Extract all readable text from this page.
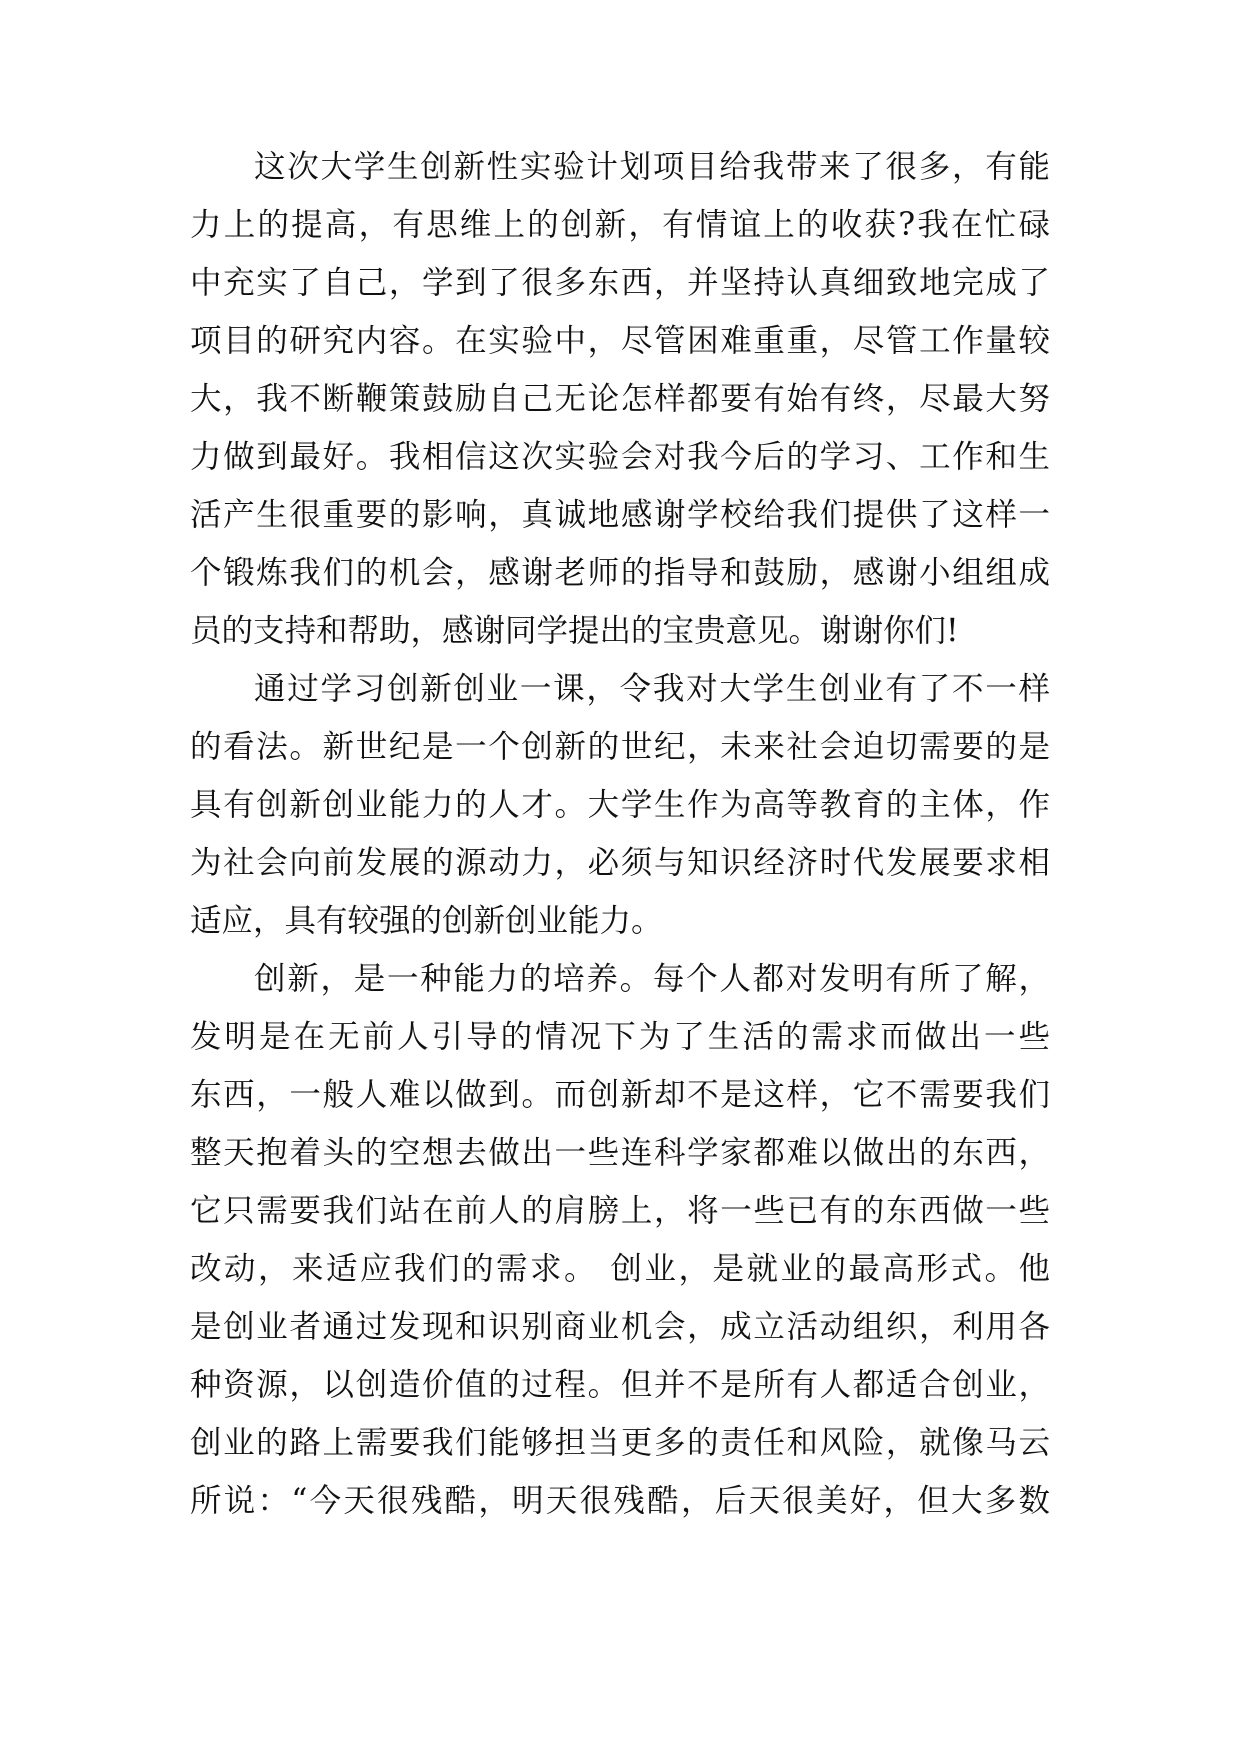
这次大学生创新性实验计划项目给我带来了很多，有能
力上的提高，有思维上的创新，有情谊上的收获?我在忙碌
中充实了自己，学到了很多东西，并坚持认真细致地完成了
项目的研究内容。在实验中，尽管困难重重，尽管工作量较
大，我不断鞭策鼓励自己无论怎样都要有始有终，尽最大努
力做到最好。我相信这次实验会对我今后的学习、工作和生
活产生很重要的影响，真诚地感谢学校给我们提供了这样一
个锻炼我们的机会，感谢老师的指导和鼓励，感谢小组组成
员的支持和帮助，感谢同学提出的宝贵意见。谢谢你们!
通过学习创新创业一课，令我对大学生创业有了不一样
的看法。新世纪是一个创新的世纪，未来社会迫切需要的是
具有创新创业能力的人才。大学生作为高等教育的主体，作
为社会向前发展的源动力，必须与知识经济时代发展要求相
适应，具有较强的创新创业能力。
创新，是一种能力的培养。每个人都对发明有所了解，
发明是在无前人引导的情况下为了生活的需求而做出一些
东西，一般人难以做到。而创新却不是这样，它不需要我们
整天抱着头的空想去做出一些连科学家都难以做出的东西，
它只需要我们站在前人的肩膀上，将一些已有的东西做一些
改动，来适应我们的需求。 创业，是就业的最高形式。他
是创业者通过发现和识别商业机会，成立活动组织，利用各
种资源，以创造价值的过程。但并不是所有人都适合创业，
创业的路上需要我们能够担当更多的责任和风险，就像马云
所说：“今天很残酷，明天很残酷，后天很美好，但大多数
